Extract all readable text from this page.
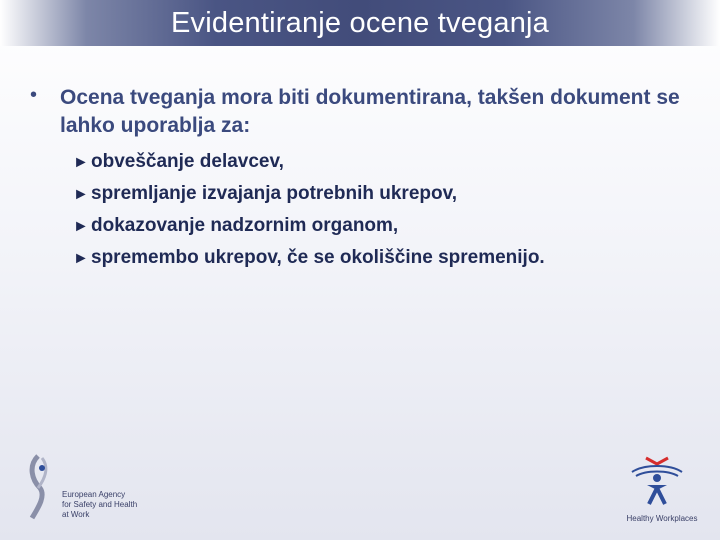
Evidentiranje ocene tveganja
• Ocena tveganja mora biti dokumentirana, takšen dokument se lahko uporablja za:
► obveščanje delavcev,
► spremljanje izvajanja potrebnih ukrepov,
► dokazovanje nadzornim organom,
► spremembo ukrepov, če se okoliščine spremenijo.
European Agency
for Safety and Health
at Work	Healthy Workplaces
